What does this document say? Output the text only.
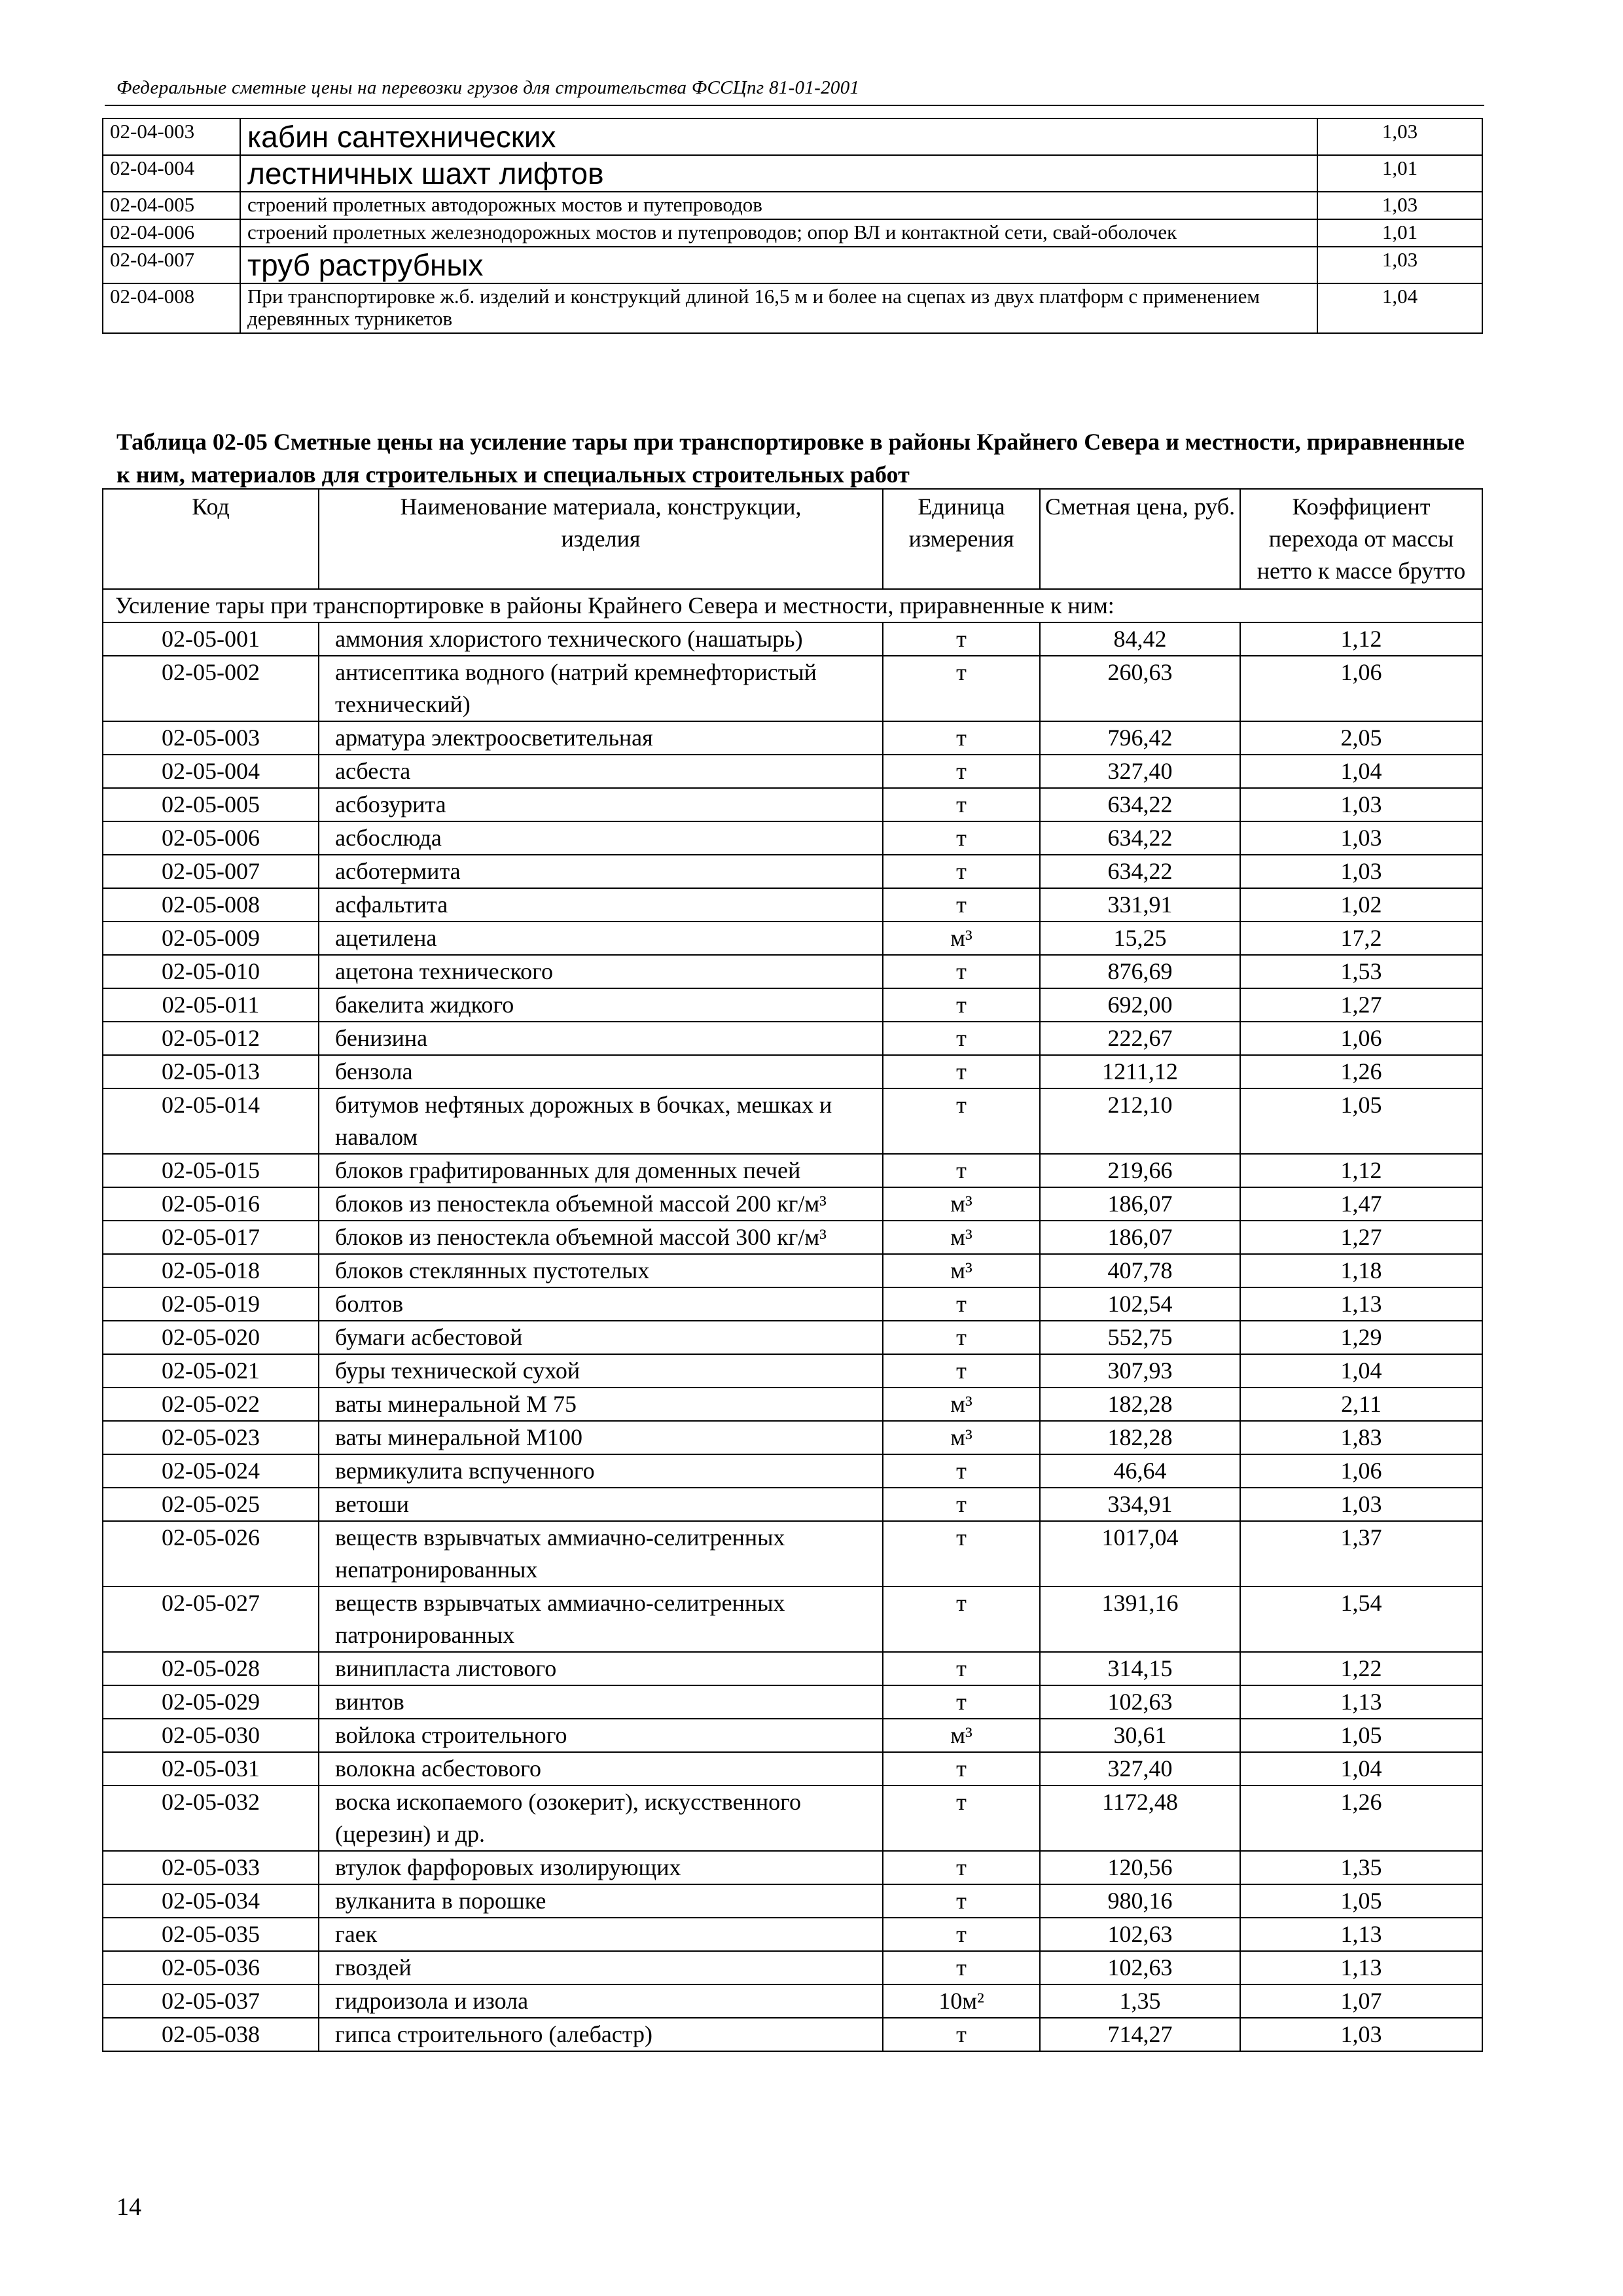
Федеральные сметные цены на перевозки грузов для строительства ФССЦпг 81-01-2001
02-04-003	кабин сантехнических	1,03
02-04-004	лестничных шахт лифтов	1,01
02-04-005	строений пролетных автодорожных мостов и путепроводов	1,03
02-04-006	строений пролетных железнодорожных мостов и путепроводов; опор ВЛ и контактной сети, свай-оболочек	1,01
02-04-007	труб раструбных	1,03
02-04-008	При транспортировке ж.б. изделий и конструкций длиной 16,5 м и более на сцепах из двух платформ с применением деревянных турникетов	1,04
Таблица 02-05 Сметные цены на усиление тары при транспортировке в районы Крайнего Севера и местности, приравненные к ним, материалов для строительных и специальных строительных работ
Код	Наименование материала, конструкции, изделия	Единица измерения	Сметная цена, руб.	Коэффициент перехода от массы нетто к массе брутто
Усиление тары при транспортировке в районы Крайнего Севера и местности, приравненные к ним:				
02-05-001	аммония хлористого технического (нашатырь)	т	84,42	1,12
02-05-002	антисептика водного (натрий кремнефтористый технический)	т	260,63	1,06
02-05-003	арматура электроосветительная	т	796,42	2,05
02-05-004	асбеста	т	327,40	1,04
02-05-005	асбозурита	т	634,22	1,03
02-05-006	асбослюда	т	634,22	1,03
02-05-007	асботермита	т	634,22	1,03
02-05-008	асфальтита	т	331,91	1,02
02-05-009	ацетилена	м³	15,25	17,2
02-05-010	ацетона технического	т	876,69	1,53
02-05-011	бакелита жидкого	т	692,00	1,27
02-05-012	бенизина	т	222,67	1,06
02-05-013	бензола	т	1211,12	1,26
02-05-014	битумов нефтяных дорожных в бочках, мешках и навалом	т	212,10	1,05
02-05-015	блоков графитированных для доменных печей	т	219,66	1,12
02-05-016	блоков из пеностекла объемной массой 200 кг/м³	м³	186,07	1,47
02-05-017	блоков из пеностекла объемной массой 300 кг/м³	м³	186,07	1,27
02-05-018	блоков стеклянных пустотелых	м³	407,78	1,18
02-05-019	болтов	т	102,54	1,13
02-05-020	бумаги асбестовой	т	552,75	1,29
02-05-021	буры технической сухой	т	307,93	1,04
02-05-022	ваты минеральной М 75	м³	182,28	2,11
02-05-023	ваты минеральной М100	м³	182,28	1,83
02-05-024	вермикулита вспученного	т	46,64	1,06
02-05-025	ветоши	т	334,91	1,03
02-05-026	веществ взрывчатых аммиачно-селитренных непатронированных	т	1017,04	1,37
02-05-027	веществ взрывчатых аммиачно-селитренных патронированных	т	1391,16	1,54
02-05-028	винипласта листового	т	314,15	1,22
02-05-029	винтов	т	102,63	1,13
02-05-030	войлока строительного	м³	30,61	1,05
02-05-031	волокна асбестового	т	327,40	1,04
02-05-032	воска ископаемого (озокерит), искусственного (церезин) и др.	т	1172,48	1,26
02-05-033	втулок фарфоровых изолирующих	т	120,56	1,35
02-05-034	вулканита в порошке	т	980,16	1,05
02-05-035	гаек	т	102,63	1,13
02-05-036	гвоздей	т	102,63	1,13
02-05-037	гидроизола и изола	10м²	1,35	1,07
02-05-038	гипса строительного (алебастр)	т	714,27	1,03
14
